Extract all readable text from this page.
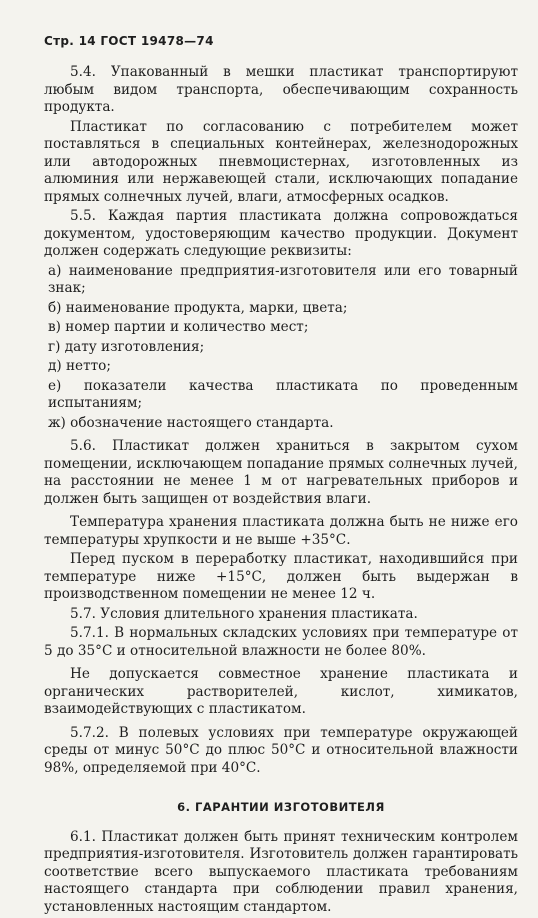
Стр. 14 ГОСТ 19478—74

5.4. Упакованный в мешки пластикат транспортируют любым видом транспорта, обеспечивающим сохранность продукта.

Пластикат по согласованию с потребителем может поставляться в специальных контейнерах, железнодорожных или автодорожных пневмоцистернах, изготовленных из алюминия или нержавеющей стали, исключающих попадание прямых солнечных лучей, влаги, атмосферных осадков.

5.5. Каждая партия пластиката должна сопровождаться документом, удостоверяющим качество продукции. Документ должен содержать следующие реквизиты:

а) наименование предприятия-изготовителя или его товарный знак;

б) наименование продукта, марки, цвета;

в) номер партии и количество мест;

г) дату изготовления;

д) нетто;

е) показатели качества пластиката по проведенным испытаниям;

ж) обозначение настоящего стандарта.

5.6. Пластикат должен храниться в закрытом сухом помещении, исключающем попадание прямых солнечных лучей, на расстоянии не менее 1 м от нагревательных приборов и должен быть защищен от воздействия влаги.

Температура хранения пластиката должна быть не ниже его температуры хрупкости и не выше +35°С.

Перед пуском в переработку пластикат, находившийся при температуре ниже +15°С, должен быть выдержан в производственном помещении не менее 12 ч.

5.7. Условия длительного хранения пластиката.

5.7.1. В нормальных складских условиях при температуре от 5 до 35°С и относительной влажности не более 80%.

Не допускается совместное хранение пластиката и органических растворителей, кислот, химикатов, взаимодействующих с пластикатом.

5.7.2. В полевых условиях при температуре окружающей среды от минус 50°С до плюс 50°С и относительной влажности 98%, определяемой при 40°С.

6. ГАРАНТИИ ИЗГОТОВИТЕЛЯ

6.1. Пластикат должен быть принят техническим контролем предприятия-изготовителя. Изготовитель должен гарантировать соответствие всего выпускаемого пластиката требованиям настоящего стандарта при соблюдении правил хранения, установленных настоящим стандартом.
